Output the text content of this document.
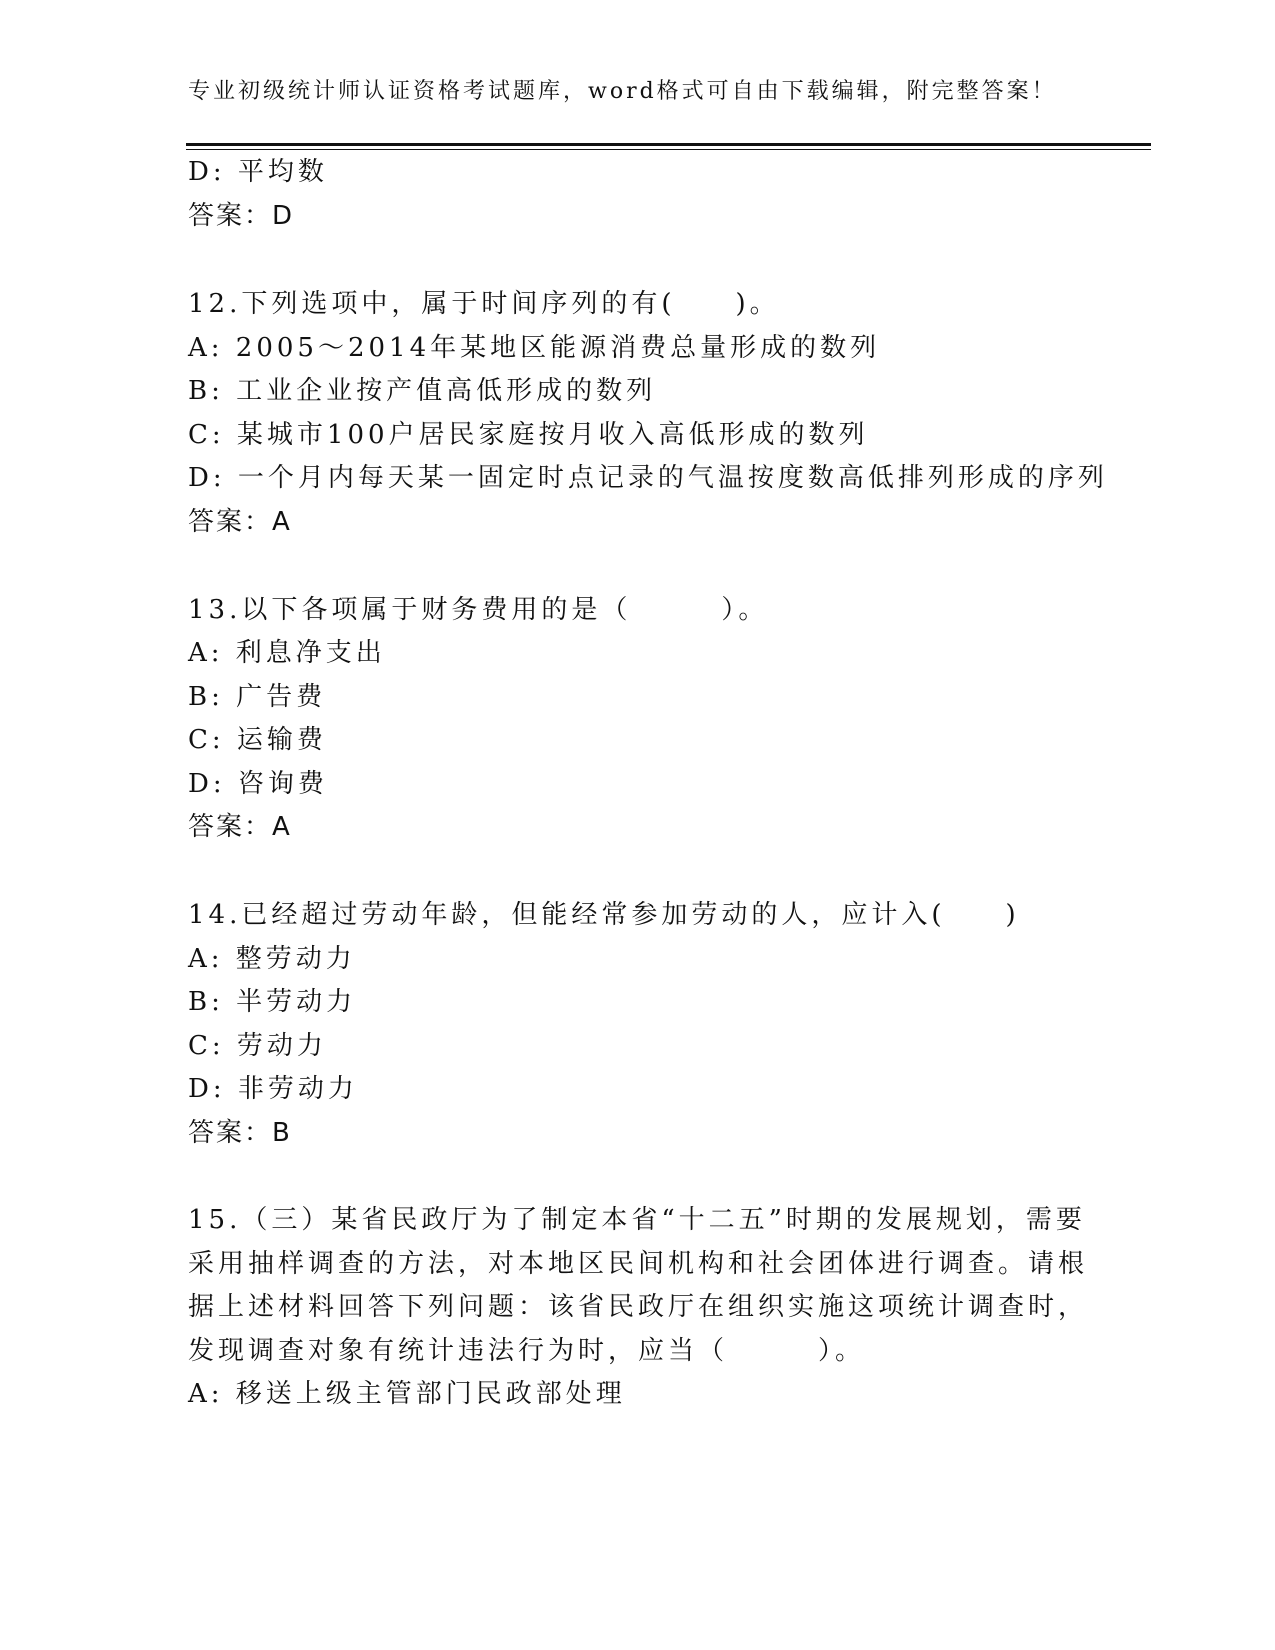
专业初级统计师认证资格考试题库，word格式可自由下载编辑，附完整答案！
D: 平均数
答案：D
12.下列选项中，属于时间序列的有(　　)。
A: 2005～2014年某地区能源消费总量形成的数列
B: 工业企业按产值高低形成的数列
C: 某城市100户居民家庭按月收入高低形成的数列
D: 一个月内每天某一固定时点记录的气温按度数高低排列形成的序列
答案：A
13.以下各项属于财务费用的是（　　　）。
A: 利息净支出
B: 广告费
C: 运输费
D: 咨询费
答案：A
14.已经超过劳动年龄，但能经常参加劳动的人，应计入(　　)
A: 整劳动力
B: 半劳动力
C: 劳动力
D: 非劳动力
答案：B
15.（三）某省民政厅为了制定本省“十二五”时期的发展规划，需要
采用抽样调查的方法，对本地区民间机构和社会团体进行调查。请根
据上述材料回答下列问题：该省民政厅在组织实施这项统计调查时，
发现调查对象有统计违法行为时，应当（　　　）。
A: 移送上级主管部门民政部处理
